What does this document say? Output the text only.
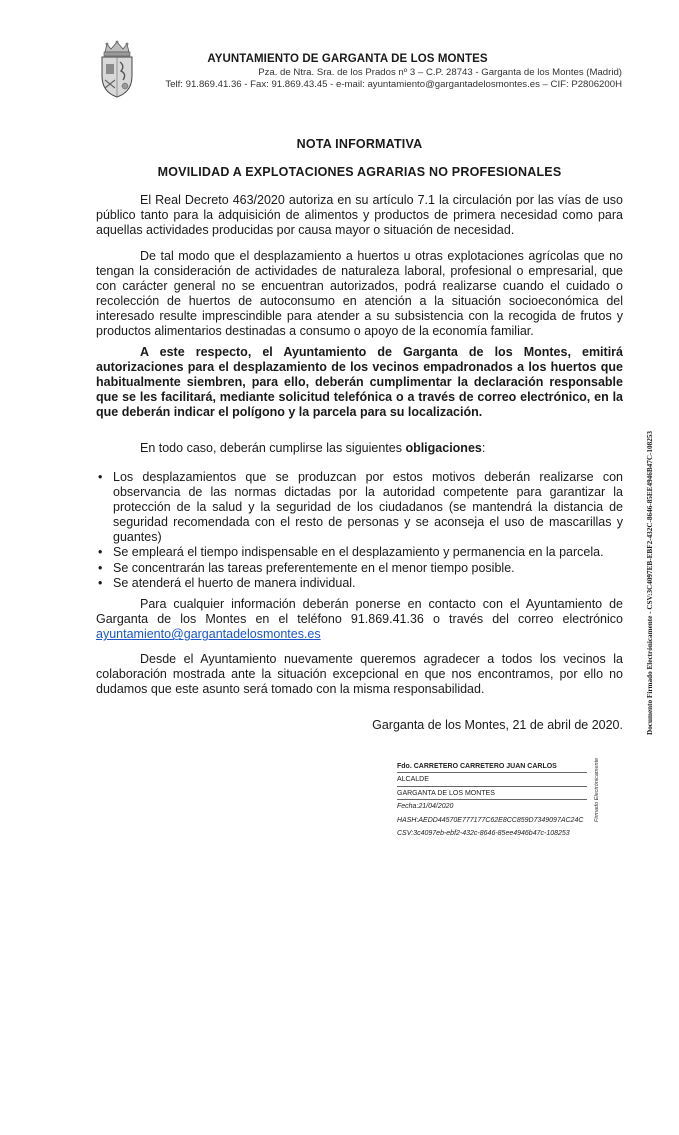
AYUNTAMIENTO DE GARGANTA DE LOS MONTES
Pza. de Ntra. Sra. de los Prados nº 3 – C.P. 28743 - Garganta de los Montes (Madrid)
Telf: 91.869.41.36 - Fax: 91.869.43.45 - e-mail: ayuntamiento@gargantadelosmontes.es – CIF: P2806200H
NOTA INFORMATIVA
MOVILIDAD A EXPLOTACIONES AGRARIAS NO PROFESIONALES

El Real Decreto 463/2020 autoriza en su artículo 7.1 la circulación por las vías de uso público tanto para la adquisición de alimentos y productos de primera necesidad como para aquellas actividades producidas por causa mayor o situación de necesidad.

De tal modo que el desplazamiento a huertos u otras explotaciones agrícolas que no tengan la consideración de actividades de naturaleza laboral, profesional o empresarial, que con carácter general no se encuentran autorizados, podrá realizarse cuando el cuidado o recolección de huertos de autoconsumo en atención a la situación socioeconómica del interesado resulte imprescindible para atender a su subsistencia con la recogida de frutos y productos alimentarios destinadas a consumo o apoyo de la economía familiar.

A este respecto, el Ayuntamiento de Garganta de los Montes, emitirá autorizaciones para el desplazamiento de los vecinos empadronados a los huertos que habitualmente siembren, para ello, deberán cumplimentar la declaración responsable que se les facilitará, mediante solicitud telefónica o a través de correo electrónico, en la que deberán indicar el polígono y la parcela para su localización.

En todo caso, deberán cumplirse las siguientes obligaciones:

• Los desplazamientos que se produzcan por estos motivos deberán realizarse con observancia de las normas dictadas por la autoridad competente para garantizar la protección de la salud y la seguridad de los ciudadanos (se mantendrá la distancia de seguridad recomendada con el resto de personas y se aconseja el uso de mascarillas y guantes)
• Se empleará el tiempo indispensable en el desplazamiento y permanencia en la parcela.
• Se concentrarán las tareas preferentemente en el menor tiempo posible.
• Se atenderá el huerto de manera individual.

Para cualquier información deberán ponerse en contacto con el Ayuntamiento de Garganta de los Montes en el teléfono 91.869.41.36 o través del correo electrónico ayuntamiento@gargantadelosmontes.es

Desde el Ayuntamiento nuevamente queremos agradecer a todos los vecinos la colaboración mostrada ante la situación excepcional en que nos encontramos, por ello no dudamos que este asunto será tomado con la misma responsabilidad.

Garganta de los Montes, 21 de abril de 2020.
Fdo. CARRETERO CARRETERO JUAN CARLOS
ALCALDE
GARGANTA DE LOS MONTES
Fecha:21/04/2020
HASH:AEDD44570E777177C62E8CC859D7349097AC24C
CSV:3c4097eb-ebf2-432c-8646-85ee4946b47c-108253
Firmado Electrónicamente
Documento Firmado Electrónicamente - CSV:3C4097EB-EBF2-432C-8646-85EE4946B47C-108253
